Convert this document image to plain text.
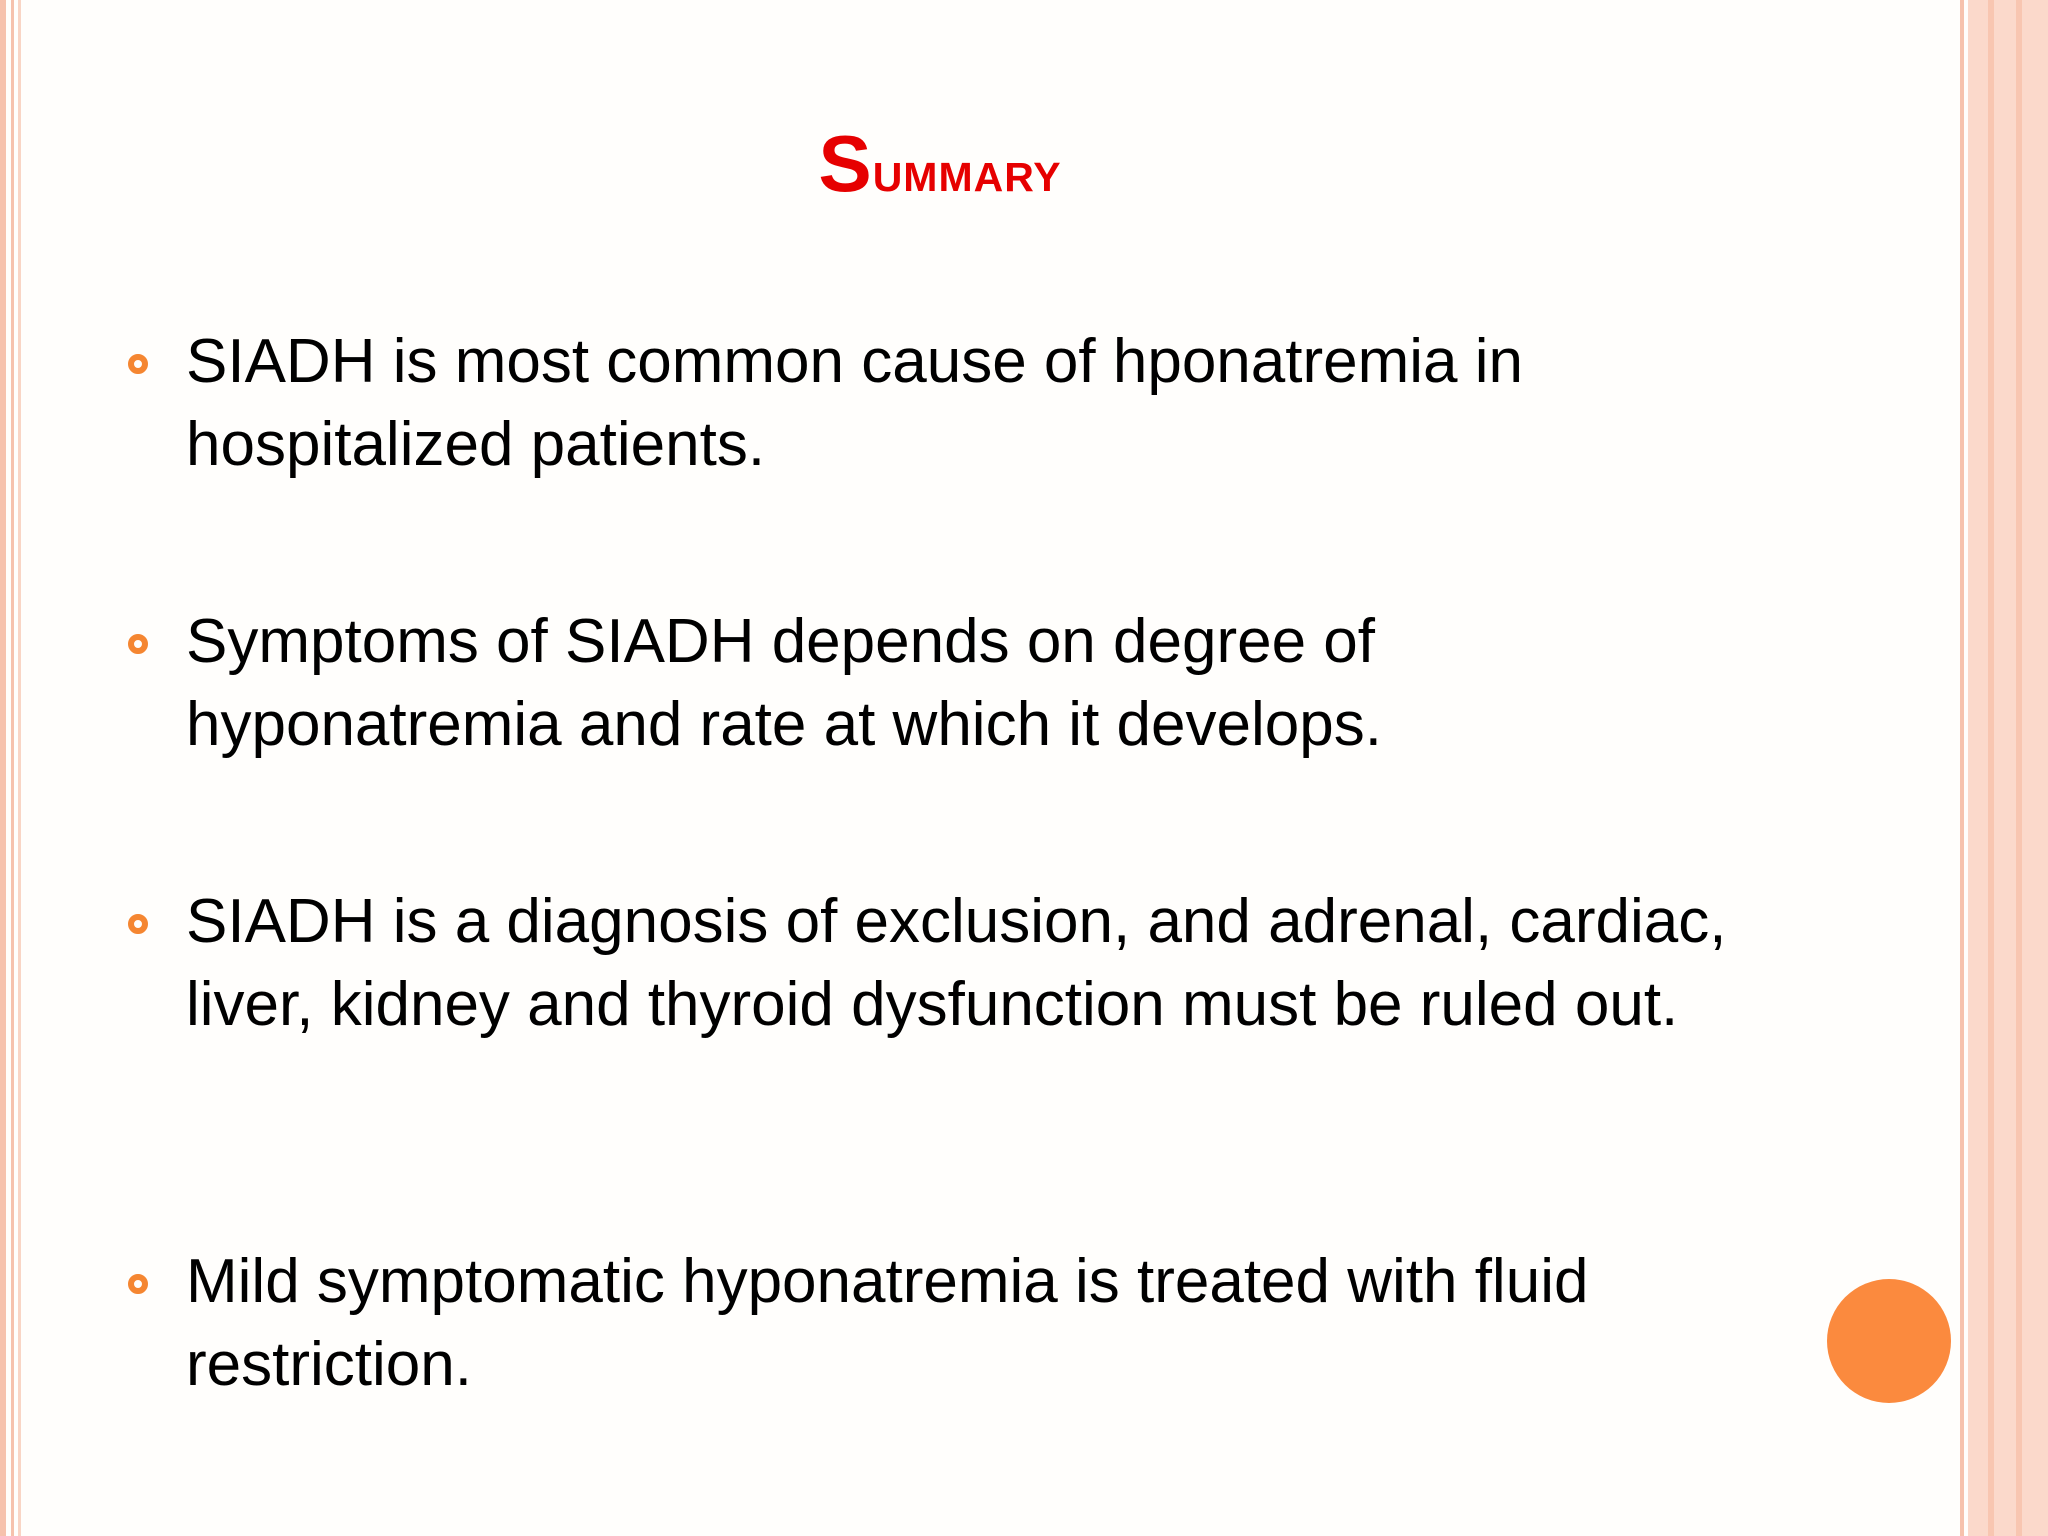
Summary
SIADH is most common cause of hponatremia in hospitalized patients.
Symptoms of SIADH depends on degree of hyponatremia and rate at which it develops.
SIADH is a diagnosis of exclusion, and adrenal, cardiac, liver, kidney and thyroid dysfunction must be ruled out.
Mild symptomatic hyponatremia is treated with fluid restriction.
